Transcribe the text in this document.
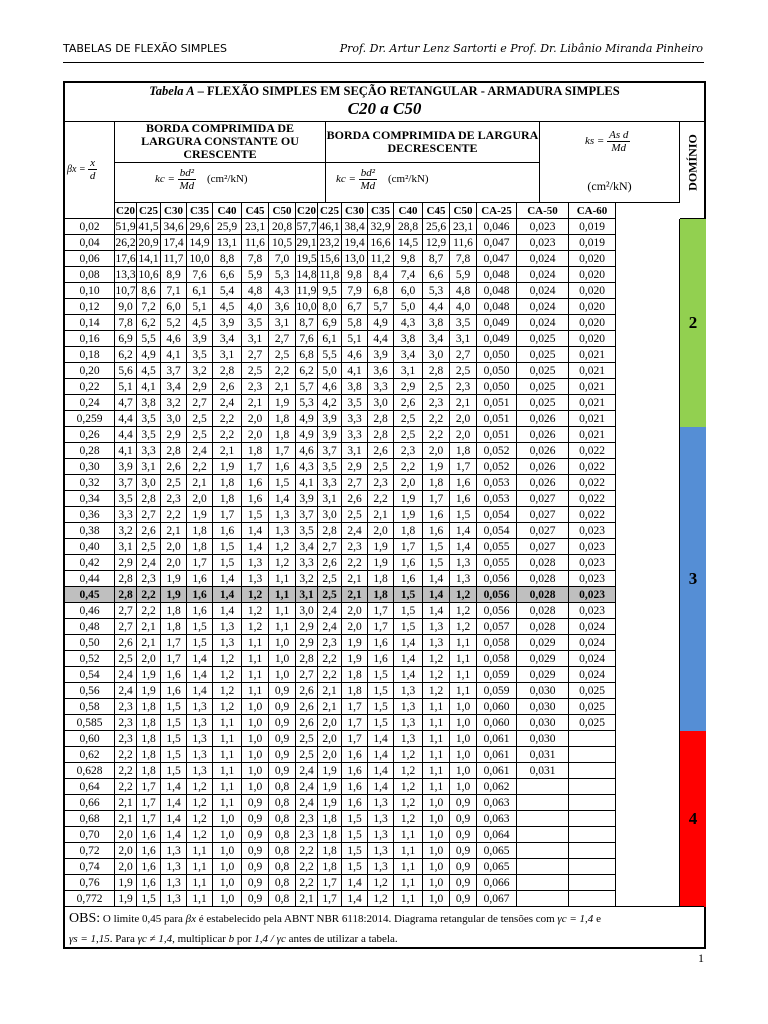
TABELAS DE FLEXÃO SIMPLES	Prof. Dr. Artur Lenz Sartorti e Prof. Dr. Libânio Miranda Pinheiro
Tabela A – FLEXÃO SIMPLES EM SEÇÃO RETANGULAR - ARMADURA SIMPLES
C20 a C50
$\beta x = \frac{x}{d}$
BORDA COMPRIMIDA DE LARGURA CONSTANTE OU CRESCENTE
BORDA COMPRIMIDA DE LARGURA DECRESCENTE
kc = $\frac{\text{bd²}}{Md} (cm^2/kN)$	kc = $\frac{\text{bd²}}{Md} (cm^2/kN)$
ks = $\frac{\text{As d}}{Md}$
(cm²/kN)	DOMÍNIO
C20 C25 C30 C35 C40 C45 C50 C20 C25 C30 C35 C40 C45 C50 CA-25	CA-50	CA-60
0,02	51,9 41,5 34,6 29,6 25,9 23,1 20,8 57,7 46,1 38,4 32,9 28,8 25,6 23,1 0,046	0,023	0,019
0,04	26,2 20,9 17,4 14,9 13,1 11,6 10,5 29,1 23,2 19,4 16,6 14,5 12,9 11,6 0,047	0,023	0,019
0,06	17,6 14,1 11,7 10,0 8,8	7,8	7,0 19,5 15,6 13,0 11,2 9,8	8,7	7,8	0,047	0,024	0,020
0,08	13,3 10,6 8,9	7,6	6,6	5,9	5,3 14,8 11,8 9,8	8,4	7,4	6,6	5,9	0,048	0,024	0,020
0,10	10,7 8,6 7,1	6,1	5,4	4,8	4,3 11,9 9,5 7,9	6,8	6,0	5,3	4,8	0,048	0,024	0,020
0,12	9,0 7,2 6,0	5,1	4,5	4,0	3,6 10,0 8,0 6,7	5,7	5,0	4,4	4,0	0,048	0,024	0,020
0,14	7,8 6,2 5,2	4,5	3,9	3,5	3,1 8,7 6,9 5,8	4,9	4,3	3,8	3,5	0,049	0,024	0,020
0,16	6,9 5,5 4,6	3,9	3,4	3,1	2,7 7,6 6,1 5,1	4,4	3,8	3,4	3,1	0,049	0,025	0,020
0,18	6,2 4,9 4,1	3,5	3,1	2,7	2,5 6,8 5,5 4,6	3,9	3,4	3,0	2,7	0,050	0,025	0,021
0,20	5,6 4,5 3,7	3,2	2,8	2,5	2,2 6,2 5,0 4,1	3,6	3,1	2,8	2,5	0,050	0,025	0,021
0,22	5,1 4,1 3,4	2,9	2,6	2,3	2,1 5,7 4,6 3,8	3,3	2,9	2,5	2,3	0,050	0,025	0,021
0,24	4,7 3,8 3,2	2,7	2,4	2,1	1,9 5,3 4,2 3,5	3,0	2,6	2,3	2,1	0,051	0,025	0,021
0,259	4,4 3,5 3,0	2,5	2,2	2,0	1,8 4,9 3,9 3,3	2,8	2,5	2,2	2,0	0,051	0,026	0,021
0,26	4,4 3,5 2,9	2,5	2,2	2,0	1,8 4,9 3,9 3,3	2,8	2,5	2,2	2,0	0,051	0,026	0,021
0,28	4,1 3,3 2,8	2,4	2,1	1,8	1,7 4,6 3,7 3,1	2,6	2,3	2,0	1,8	0,052	0,026	0,022
0,30	3,9 3,1 2,6	2,2	1,9	1,7	1,6 4,3 3,5 2,9	2,5	2,2	1,9	1,7	0,052	0,026	0,022
0,32	3,7 3,0 2,5	2,1	1,8	1,6	1,5 4,1 3,3 2,7	2,3	2,0	1,8	1,6	0,053	0,026	0,022
0,34	3,5 2,8 2,3	2,0	1,8	1,6	1,4 3,9 3,1 2,6	2,2	1,9	1,7	1,6	0,053	0,027	0,022
0,36	3,3 2,7 2,2	1,9	1,7	1,5	1,3 3,7 3,0 2,5	2,1	1,9	1,6	1,5	0,054	0,027	0,022
0,38	3,2 2,6 2,1	1,8	1,6	1,4	1,3 3,5 2,8 2,4	2,0	1,8	1,6	1,4	0,054	0,027	0,023
0,40	3,1 2,5 2,0	1,8	1,5	1,4	1,2 3,4 2,7 2,3	1,9	1,7	1,5	1,4	0,055	0,027	0,023
0,42	2,9 2,4 2,0	1,7	1,5	1,3	1,2 3,3 2,6 2,2	1,9	1,6	1,5	1,3	0,055	0,028	0,023
0,44	2,8 2,3 1,9	1,6	1,4	1,3	1,1 3,2 2,5 2,1	1,8	1,6	1,4	1,3	0,056	0,028	0,023
0,45	2,8 2,2 1,9	1,6	1,4	1,2	1,1 3,1 2,5 2,1	1,8	1,5	1,4	1,2	0,056	0,028	0,023
0,46	2,7 2,2 1,8	1,6	1,4	1,2	1,1 3,0 2,4 2,0	1,7	1,5	1,4	1,2	0,056	0,028	0,023
0,48	2,7 2,1 1,8	1,5	1,3	1,2	1,1 2,9 2,4 2,0	1,7	1,5	1,3	1,2	0,057	0,028	0,024
0,50	2,6 2,1 1,7	1,5	1,3	1,1	1,0 2,9 2,3 1,9	1,6	1,4	1,3	1,1	0,058	0,029	0,024
0,52	2,5 2,0 1,7	1,4	1,2	1,1	1,0 2,8 2,2 1,9	1,6	1,4	1,2	1,1	0,058	0,029	0,024
0,54	2,4 1,9 1,6	1,4	1,2	1,1	1,0 2,7 2,2 1,8	1,5	1,4	1,2	1,1	0,059	0,029	0,024
0,56	2,4 1,9 1,6	1,4	1,2	1,1	0,9 2,6 2,1 1,8	1,5	1,3	1,2	1,1	0,059	0,030	0,025
0,58	2,3 1,8 1,5	1,3	1,2	1,0	0,9 2,6 2,1 1,7	1,5	1,3	1,1	1,0	0,060	0,030	0,025
0,585	2,3 1,8 1,5	1,3	1,1	1,0	0,9 2,6 2,0 1,7	1,5	1,3	1,1	1,0	0,060	0,030	0,025
0,60	2,3 1,8 1,5	1,3	1,1	1,0	0,9 2,5 2,0 1,7	1,4	1,3	1,1	1,0	0,061	0,030
0,62	2,2 1,8 1,5	1,3	1,1	1,0	0,9 2,5 2,0 1,6	1,4	1,2	1,1	1,0	0,061	0,031
0,628	2,2 1,8 1,5	1,3	1,1	1,0	0,9 2,4 1,9 1,6	1,4	1,2	1,1	1,0	0,061	0,031
0,64	2,2 1,7 1,4	1,2	1,1	1,0	0,8 2,4 1,9 1,6	1,4	1,2	1,1	1,0	0,062
0,66	2,1 1,7 1,4	1,2	1,1	0,9	0,8 2,4 1,9 1,6	1,3	1,2	1,0	0,9	0,063
0,68	2,1 1,7 1,4	1,2	1,0	0,9	0,8 2,3 1,8 1,5	1,3	1,2	1,0	0,9	0,063
0,70	2,0 1,6 1,4	1,2	1,0	0,9	0,8 2,3 1,8 1,5	1,3	1,1	1,0	0,9	0,064
0,72	2,0 1,6 1,3	1,1	1,0	0,9	0,8 2,2 1,8 1,5	1,3	1,1	1,0	0,9	0,065
0,74	2,0 1,6 1,3	1,1	1,0	0,9	0,8 2,2 1,8 1,5	1,3	1,1	1,0	0,9	0,065
0,76	1,9 1,6 1,3	1,1	1,0	0,9	0,8 2,2 1,7 1,4	1,2	1,1	1,0	0,9	0,066
0,772	1,9 1,5 1,3	1,1	1,0	0,9	0,8 2,1 1,7 1,4	1,2	1,1	1,0	0,9	0,067
2
3
4
OBS: O limite 0,45 para βx é estabelecido pela ABNT NBR 6118:2014. Diagrama retangular de tensões com γc = 1,4 e
γs = 1,15. Para γc ≠ 1,4, multiplicar b por 1,4 / γc antes de utilizar a tabela.
1
